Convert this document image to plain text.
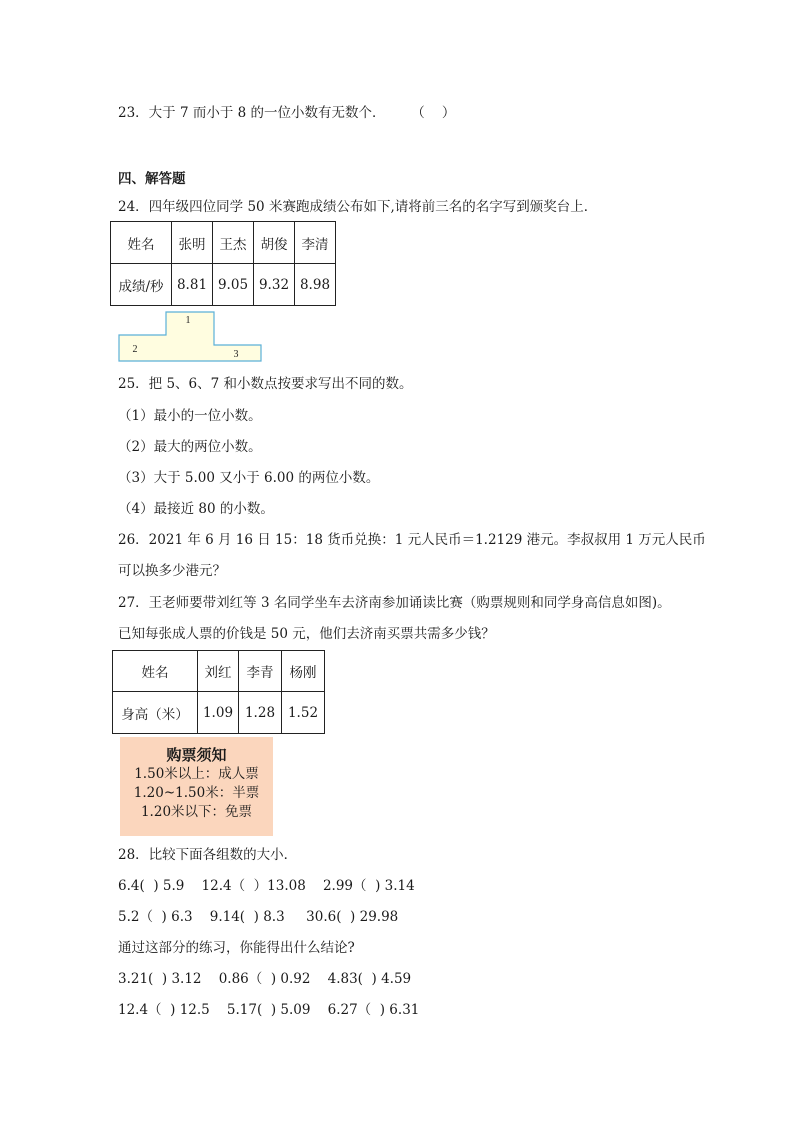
23．大于 7 而小于 8 的一位小数有无数个．      （    ）
四、解答题
24．四年级四位同学 50 米赛跑成绩公布如下,请将前三名的名字写到颁奖台上．
姓名	张明	王杰	胡俊	李清
成绩/秒	8.81	9.05	9.32	8.98
1
2	3
25．把 5、6、7 和小数点按要求写出不同的数。
（1）最小的一位小数。
（2）最大的两位小数。
（3）大于 5.00 又小于 6.00 的两位小数。
（4）最接近 80 的小数。
26．2021 年 6 月 16 日 15：18 货币兑换：1 元人民币＝1.2129 港元。李叔叔用 1 万元人民币
可以换多少港元？
27．王老师要带刘红等 3 名同学坐车去济南参加诵读比赛（购票规则和同学身高信息如图)。
已知每张成人票的价钱是 50 元，他们去济南买票共需多少钱？
姓名	刘红	李青	杨刚
身高（米）	1.09	1.28	1.52
购票须知
1.50米以上：成人票
1.20~1.50米：半票
1.20米以下：免票
28．比较下面各组数的大小．
6.4(  ) 5.9    12.4（  ）13.08    2.99（  ) 3.14
5.2（  ) 6.3    9.14(  ) 8.3     30.6(  ) 29.98
通过这部分的练习，你能得出什么结论?
3.21(  ) 3.12    0.86（  ) 0.92    4.83(  ) 4.59
12.4（  ) 12.5    5.17(  ) 5.09    6.27（  ) 6.31
